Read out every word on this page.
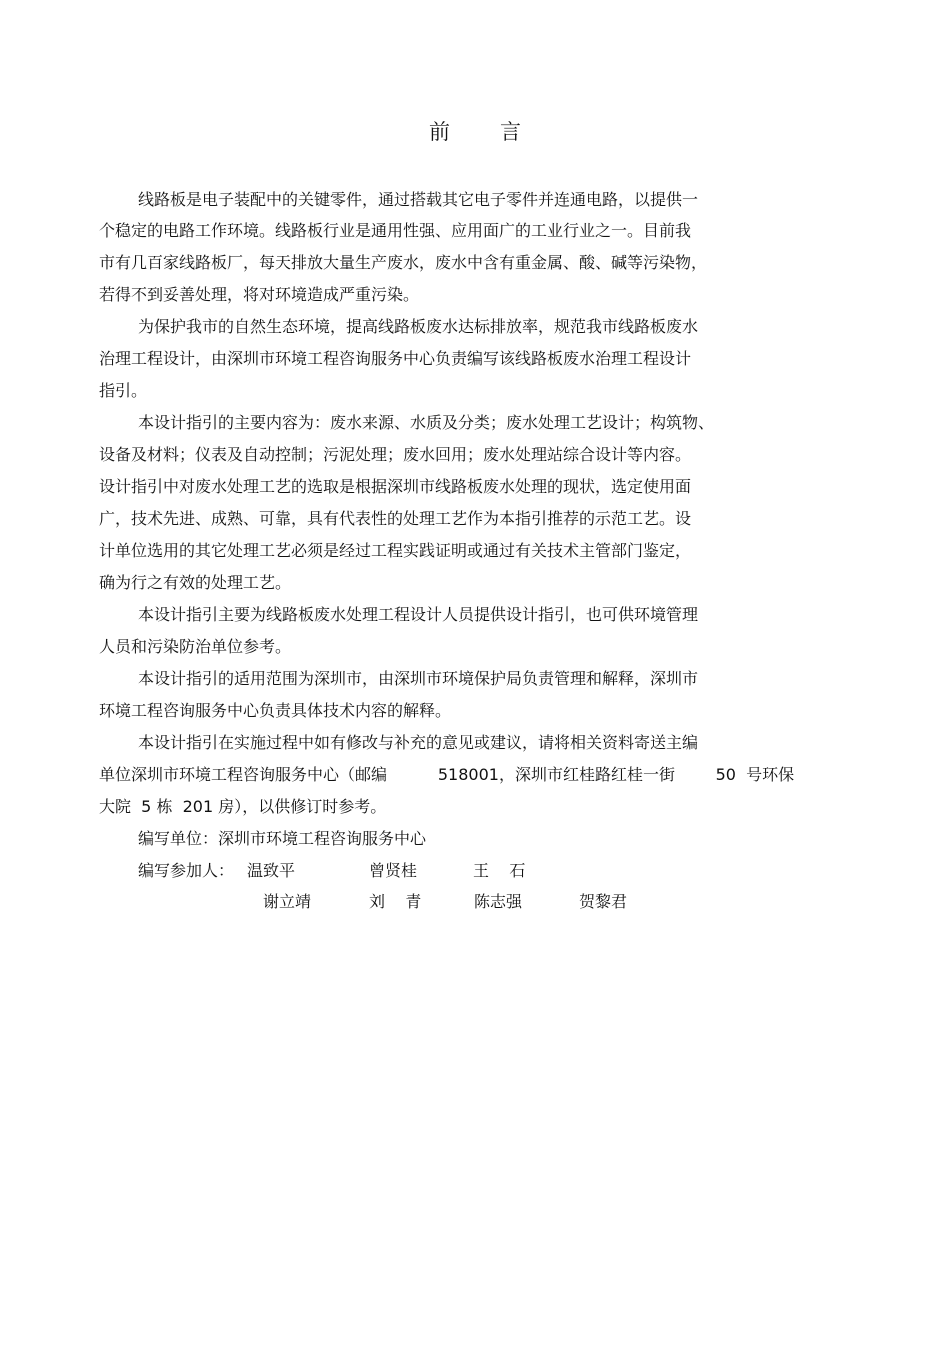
前言
线路板是电子装配中的关键零件，通过搭载其它电子零件并连通电路，以提供一
个稳定的电路工作环境。线路板行业是通用性强、应用面广的工业行业之一。目前我
市有几百家线路板厂，每天排放大量生产废水，废水中含有重金属、酸、碱等污染物，
若得不到妥善处理，将对环境造成严重污染。
为保护我市的自然生态环境，提高线路板废水达标排放率，规范我市线路板废水
治理工程设计，由深圳市环境工程咨询服务中心负责编写该线路板废水治理工程设计
指引。
本设计指引的主要内容为：废水来源、水质及分类；废水处理工艺设计；构筑物、
设备及材料；仪表及自动控制；污泥处理；废水回用；废水处理站综合设计等内容。
设计指引中对废水处理工艺的选取是根据深圳市线路板废水处理的现状，选定使用面
广，技术先进、成熟、可靠，具有代表性的处理工艺作为本指引推荐的示范工艺。设
计单位选用的其它处理工艺必须是经过工程实践证明或通过有关技术主管部门鉴定，
确为行之有效的处理工艺。
本设计指引主要为线路板废水处理工程设计人员提供设计指引，也可供环境管理
人员和污染防治单位参考。
本设计指引的适用范围为深圳市，由深圳市环境保护局负责管理和解释，深圳市
环境工程咨询服务中心负责具体技术内容的解释。
本设计指引在实施过程中如有修改与补充的意见或建议，请将相关资料寄送主编
单位深圳市环境工程咨询服务中心（邮编          518001，深圳市红桂路红桂一街        50  号环保
大院  5 栋  201 房），以供修订时参考。
编写单位：深圳市环境工程咨询服务中心
编写参加人： 温致平	曾贤桂	王    石
谢立靖	刘    青	陈志强	贺黎君
